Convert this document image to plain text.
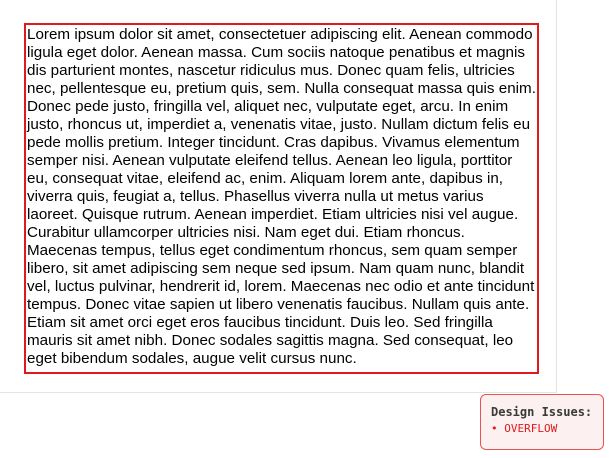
Lorem ipsum dolor sit amet, consectetuer adipiscing elit. Aenean commodo ligula eget dolor. Aenean massa. Cum sociis natoque penatibus et magnis dis parturient montes, nascetur ridiculus mus. Donec quam felis, ultricies nec, pellentesque eu, pretium quis, sem. Nulla consequat massa quis enim. Donec pede justo, fringilla vel, aliquet nec, vulputate eget, arcu. In enim justo, rhoncus ut, imperdiet a, venenatis vitae, justo. Nullam dictum felis eu pede mollis pretium. Integer tincidunt. Cras dapibus. Vivamus elementum semper nisi. Aenean vulputate eleifend tellus. Aenean leo ligula, porttitor eu, consequat vitae, eleifend ac, enim. Aliquam lorem ante, dapibus in, viverra quis, feugiat a, tellus. Phasellus viverra nulla ut metus varius laoreet. Quisque rutrum. Aenean imperdiet. Etiam ultricies nisi vel augue. Curabitur ullamcorper ultricies nisi. Nam eget dui. Etiam rhoncus. Maecenas tempus, tellus eget condimentum rhoncus, sem quam semper libero, sit amet adipiscing sem neque sed ipsum. Nam quam nunc, blandit vel, luctus pulvinar, hendrerit id, lorem. Maecenas nec odio et ante tincidunt tempus. Donec vitae sapien ut libero venenatis faucibus. Nullam quis ante. Etiam sit amet orci eget eros faucibus tincidunt. Duis leo. Sed fringilla mauris sit amet nibh. Donec sodales sagittis magna. Sed consequat, leo eget bibendum sodales, augue velit cursus nunc.

Design Issues:
• OVERFLOW
